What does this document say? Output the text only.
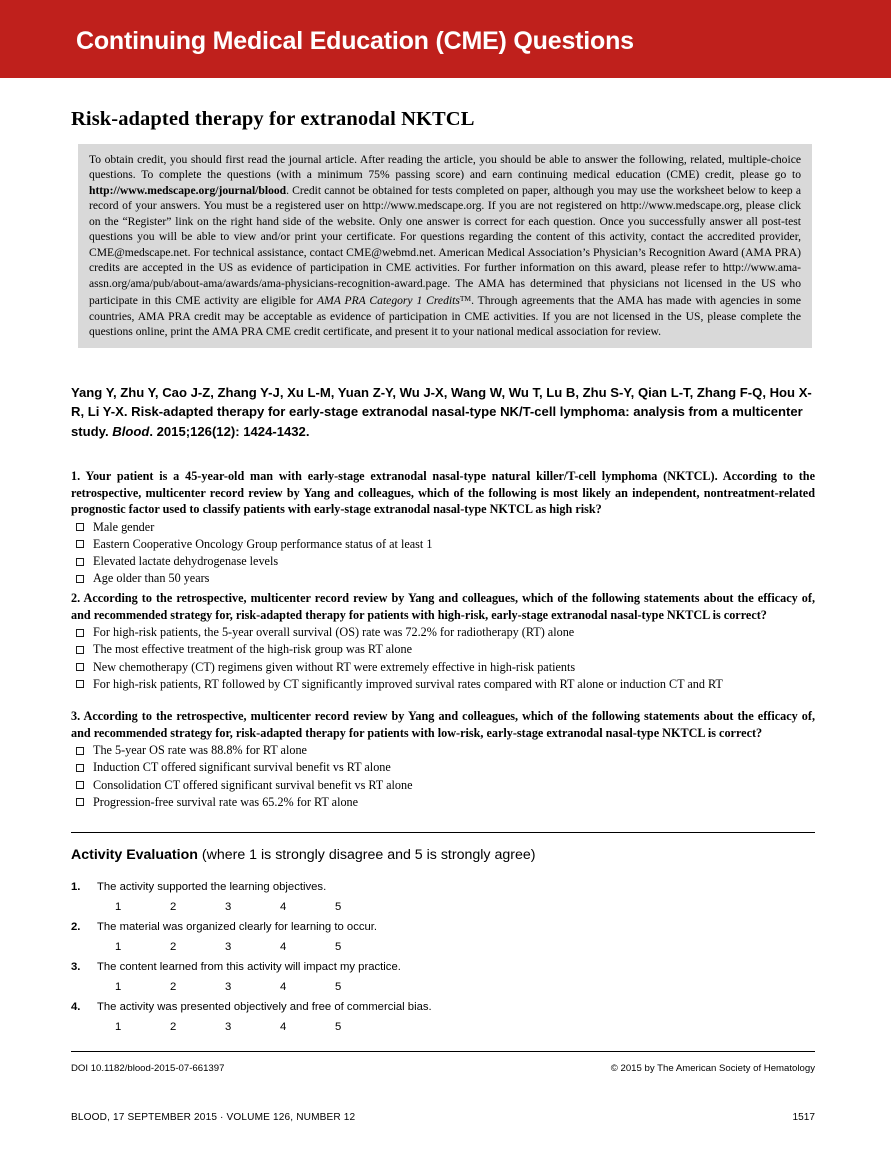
Continuing Medical Education (CME) Questions
Risk-adapted therapy for extranodal NKTCL
To obtain credit, you should first read the journal article. After reading the article, you should be able to answer the following, related, multiple-choice questions. To complete the questions (with a minimum 75% passing score) and earn continuing medical education (CME) credit, please go to http://www.medscape.org/journal/blood. Credit cannot be obtained for tests completed on paper, although you may use the worksheet below to keep a record of your answers. You must be a registered user on http://www.medscape.org. If you are not registered on http://www.medscape.org, please click on the “Register” link on the right hand side of the website. Only one answer is correct for each question. Once you successfully answer all post-test questions you will be able to view and/or print your certificate. For questions regarding the content of this activity, contact the accredited provider, CME@medscape.net. For technical assistance, contact CME@webmd.net. American Medical Association’s Physician’s Recognition Award (AMA PRA) credits are accepted in the US as evidence of participation in CME activities. For further information on this award, please refer to http://www.ama-assn.org/ama/pub/about-ama/awards/ama-physicians-recognition-award.page. The AMA has determined that physicians not licensed in the US who participate in this CME activity are eligible for AMA PRA Category 1 Credits™. Through agreements that the AMA has made with agencies in some countries, AMA PRA credit may be acceptable as evidence of participation in CME activities. If you are not licensed in the US, please complete the questions online, print the AMA PRA CME credit certificate, and present it to your national medical association for review.
Yang Y, Zhu Y, Cao J-Z, Zhang Y-J, Xu L-M, Yuan Z-Y, Wu J-X, Wang W, Wu T, Lu B, Zhu S-Y, Qian L-T, Zhang F-Q, Hou X-R, Li Y-X. Risk-adapted therapy for early-stage extranodal nasal-type NK/T-cell lymphoma: analysis from a multicenter study. Blood. 2015;126(12): 1424-1432.
1. Your patient is a 45-year-old man with early-stage extranodal nasal-type natural killer/T-cell lymphoma (NKTCL). According to the retrospective, multicenter record review by Yang and colleagues, which of the following is most likely an independent, nontreatment-related prognostic factor used to classify patients with early-stage extranodal nasal-type NKTCL as high risk?
Male gender
Eastern Cooperative Oncology Group performance status of at least 1
Elevated lactate dehydrogenase levels
Age older than 50 years
2. According to the retrospective, multicenter record review by Yang and colleagues, which of the following statements about the efficacy of, and recommended strategy for, risk-adapted therapy for patients with high-risk, early-stage extranodal nasal-type NKTCL is correct?
For high-risk patients, the 5-year overall survival (OS) rate was 72.2% for radiotherapy (RT) alone
The most effective treatment of the high-risk group was RT alone
New chemotherapy (CT) regimens given without RT were extremely effective in high-risk patients
For high-risk patients, RT followed by CT significantly improved survival rates compared with RT alone or induction CT and RT
3. According to the retrospective, multicenter record review by Yang and colleagues, which of the following statements about the efficacy of, and recommended strategy for, risk-adapted therapy for patients with low-risk, early-stage extranodal nasal-type NKTCL is correct?
The 5-year OS rate was 88.8% for RT alone
Induction CT offered significant survival benefit vs RT alone
Consolidation CT offered significant survival benefit vs RT alone
Progression-free survival rate was 65.2% for RT alone
Activity Evaluation (where 1 is strongly disagree and 5 is strongly agree)
1. The activity supported the learning objectives.
1	2	3	4	5
2. The material was organized clearly for learning to occur.
1	2	3	4	5
3. The content learned from this activity will impact my practice.
1	2	3	4	5
4. The activity was presented objectively and free of commercial bias.
1	2	3	4	5
DOI 10.1182/blood-2015-07-661397	© 2015 by The American Society of Hematology
BLOOD, 17 SEPTEMBER 2015 · VOLUME 126, NUMBER 12	1517
